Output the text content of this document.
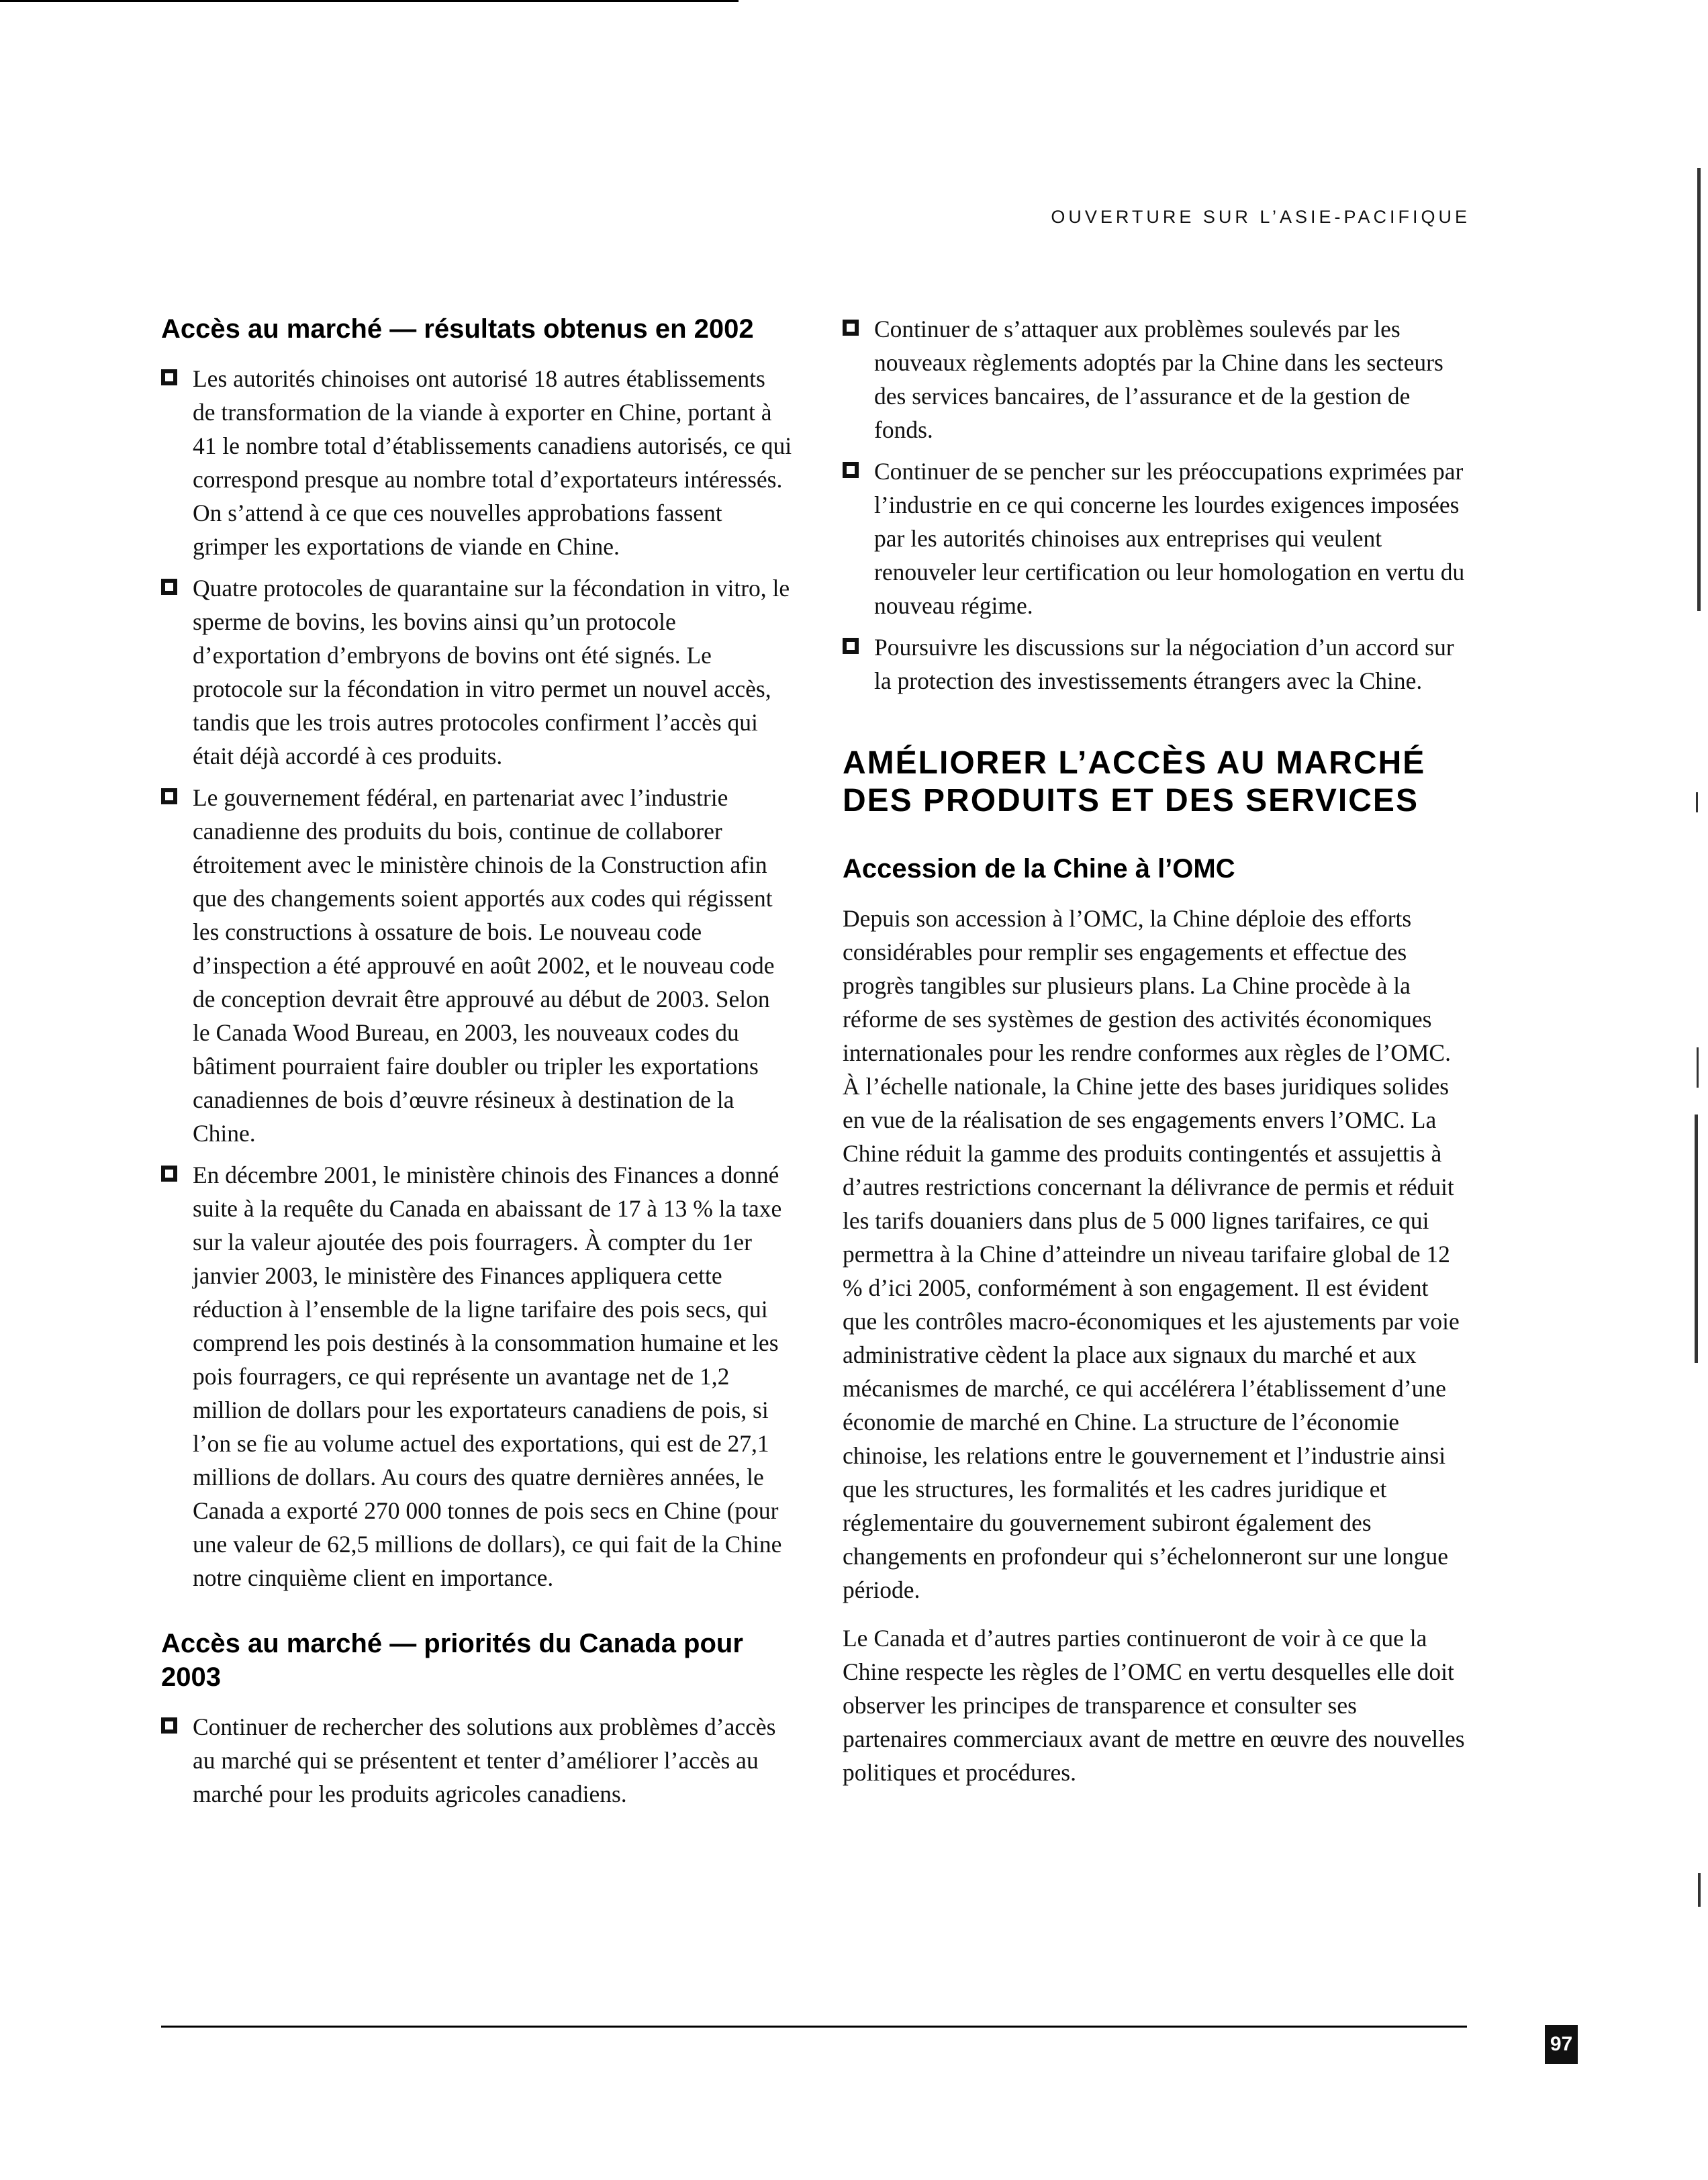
OUVERTURE SUR L’ASIE-PACIFIQUE
Accès au marché — résultats obtenus en 2002
Les autorités chinoises ont autorisé 18 autres établissements de transformation de la viande à exporter en Chine, portant à 41 le nombre total d’établissements canadiens autorisés, ce qui correspond presque au nombre total d’exportateurs intéressés. On s’attend à ce que ces nouvelles approbations fassent grimper les exportations de viande en Chine.
Quatre protocoles de quarantaine sur la fécondation in vitro, le sperme de bovins, les bovins ainsi qu’un protocole d’exportation d’embryons de bovins ont été signés. Le protocole sur la fécondation in vitro permet un nouvel accès, tandis que les trois autres protocoles confirment l’accès qui était déjà accordé à ces produits.
Le gouvernement fédéral, en partenariat avec l’industrie canadienne des produits du bois, continue de collaborer étroitement avec le ministère chinois de la Construction afin que des changements soient apportés aux codes qui régissent les constructions à ossature de bois. Le nouveau code d’inspection a été approuvé en août 2002, et le nouveau code de conception devrait être approuvé au début de 2003. Selon le Canada Wood Bureau, en 2003, les nouveaux codes du bâtiment pourraient faire doubler ou tripler les exportations canadiennes de bois d’œuvre résineux à destination de la Chine.
En décembre 2001, le ministère chinois des Finances a donné suite à la requête du Canada en abaissant de 17 à 13 % la taxe sur la valeur ajoutée des pois fourragers. À compter du 1er janvier 2003, le ministère des Finances appliquera cette réduction à l’ensemble de la ligne tarifaire des pois secs, qui comprend les pois destinés à la consommation humaine et les pois fourragers, ce qui représente un avantage net de 1,2 million de dollars pour les exportateurs canadiens de pois, si l’on se fie au volume actuel des exportations, qui est de 27,1 millions de dollars. Au cours des quatre dernières années, le Canada a exporté 270 000 tonnes de pois secs en Chine (pour une valeur de 62,5 millions de dollars), ce qui fait de la Chine notre cinquième client en importance.
Accès au marché — priorités du Canada pour 2003
Continuer de rechercher des solutions aux problèmes d’accès au marché qui se présentent et tenter d’améliorer l’accès au marché pour les produits agricoles canadiens.
Continuer de s’attaquer aux problèmes soulevés par les nouveaux règlements adoptés par la Chine dans les secteurs des services bancaires, de l’assurance et de la gestion de fonds.
Continuer de se pencher sur les préoccupations exprimées par l’industrie en ce qui concerne les lourdes exigences imposées par les autorités chinoises aux entreprises qui veulent renouveler leur certification ou leur homologation en vertu du nouveau régime.
Poursuivre les discussions sur la négociation d’un accord sur la protection des investissements étrangers avec la Chine.
AMÉLIORER L’ACCÈS AU MARCHÉ DES PRODUITS ET DES SERVICES
Accession de la Chine à l’OMC

Depuis son accession à l’OMC, la Chine déploie des efforts considérables pour remplir ses engagements et effectue des progrès tangibles sur plusieurs plans. La Chine procède à la réforme de ses systèmes de gestion des activités économiques internationales pour les rendre conformes aux règles de l’OMC. À l’échelle nationale, la Chine jette des bases juridiques solides en vue de la réalisation de ses engagements envers l’OMC. La Chine réduit la gamme des produits contingentés et assujettis à d’autres restrictions concernant la délivrance de permis et réduit les tarifs douaniers dans plus de 5 000 lignes tarifaires, ce qui permettra à la Chine d’atteindre un niveau tarifaire global de 12 % d’ici 2005, conformément à son engagement. Il est évident que les contrôles macro-économiques et les ajustements par voie administrative cèdent la place aux signaux du marché et aux mécanismes de marché, ce qui accélérera l’établissement d’une économie de marché en Chine. La structure de l’économie chinoise, les relations entre le gouvernement et l’industrie ainsi que les structures, les formalités et les cadres juridique et réglementaire du gouvernement subiront également des changements en profondeur qui s’échelonneront sur une longue période.

Le Canada et d’autres parties continueront de voir à ce que la Chine respecte les règles de l’OMC en vertu desquelles elle doit observer les principes de transparence et consulter ses partenaires commerciaux avant de mettre en œuvre des nouvelles politiques et procédures.

97
